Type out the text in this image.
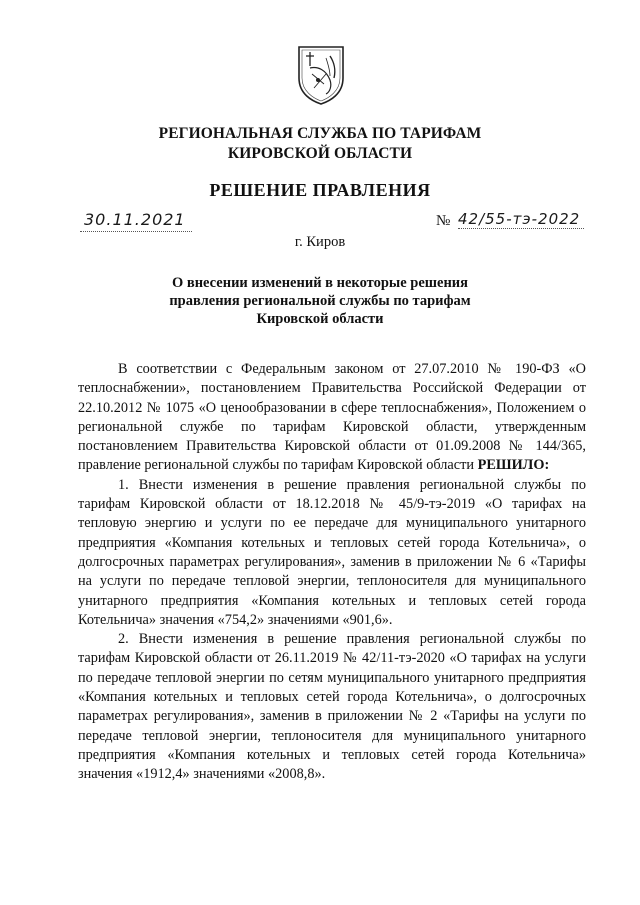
РЕГИОНАЛЬНАЯ СЛУЖБА ПО ТАРИФАМ
КИРОВСКОЙ ОБЛАСТИ
РЕШЕНИЕ ПРАВЛЕНИЯ
30.11.2021	№ 42/55-тэ-2022
г. Киров
О внесении изменений в некоторые решения
правления региональной службы по тарифам
Кировской области

В соответствии с Федеральным законом от 27.07.2010 № 190-ФЗ «О теплоснабжении», постановлением Правительства Российской Федерации от 22.10.2012 № 1075 «О ценообразовании в сфере теплоснабжения», Положением о региональной службе по тарифам Кировской области, утвержденным постановлением Правительства Кировской области от 01.09.2008 № 144/365, правление региональной службы по тарифам Кировской области РЕШИЛО:

1. Внести изменения в решение правления региональной службы по тарифам Кировской области от 18.12.2018 № 45/9-тэ-2019 «О тарифах на тепловую энергию и услуги по ее передаче для муниципального унитарного предприятия «Компания котельных и тепловых сетей города Котельнича», о долгосрочных параметрах регулирования», заменив в приложении № 6 «Тарифы на услуги по передаче тепловой энергии, теплоносителя для муниципального унитарного предприятия «Компания котельных и тепловых сетей города Котельнича» значения «754,2» значениями «901,6».

2. Внести изменения в решение правления региональной службы по тарифам Кировской области от 26.11.2019 № 42/11-тэ-2020 «О тарифах на услуги по передаче тепловой энергии по сетям муниципального унитарного предприятия «Компания котельных и тепловых сетей города Котельнича», о долгосрочных параметрах регулирования», заменив в приложении № 2 «Тарифы на услуги по передаче тепловой энергии, теплоносителя для муниципального унитарного предприятия «Компания котельных и тепловых сетей города Котельнича» значения «1912,4» значениями «2008,8».
